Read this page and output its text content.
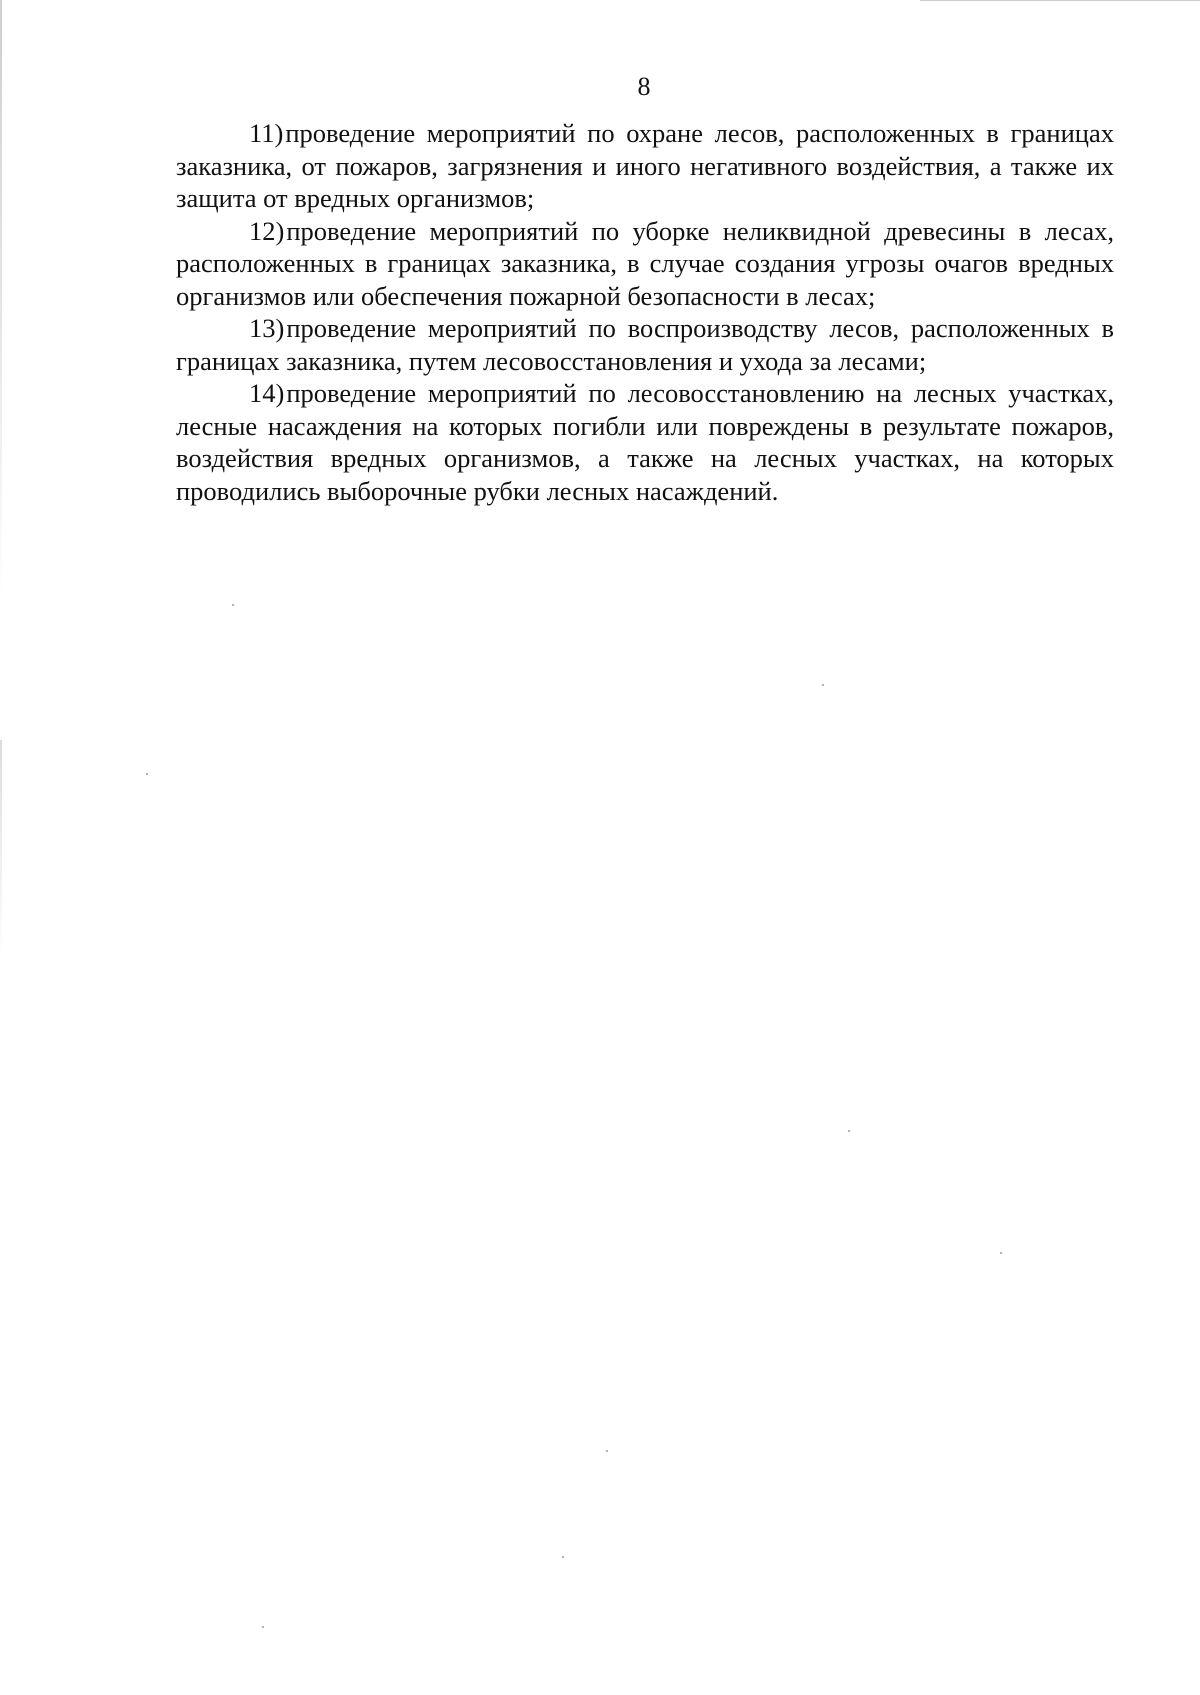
8

11)проведение мероприятий по охране лесов, расположенных в границах заказника, от пожаров, загрязнения и иного негативного воздействия, а также их защита от вредных организмов;

12)проведение мероприятий по уборке неликвидной древесины в лесах, расположенных в границах заказника, в случае создания угрозы очагов вредных организмов или обеспечения пожарной безопасности в лесах;

13)проведение мероприятий по воспроизводству лесов, расположенных в границах заказника, путем лесовосстановления и ухода за лесами;

14)проведение мероприятий по лесовосстановлению на лесных участках, лесные насаждения на которых погибли или повреждены в результате пожаров, воздействия вредных организмов, а также на лесных участках, на которых проводились выборочные рубки лесных насаждений.
